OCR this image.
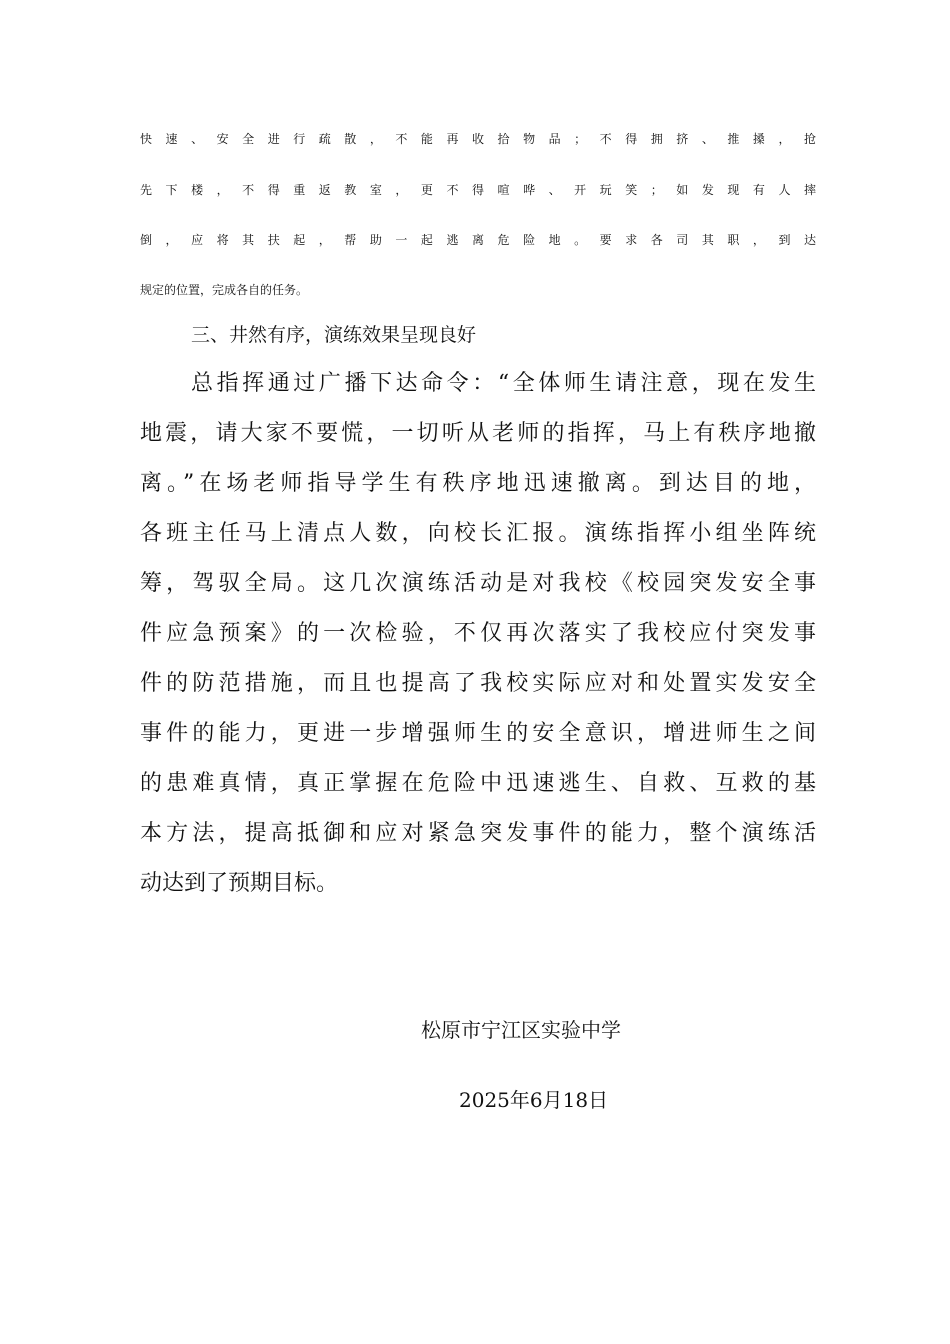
快速、安全进行疏散，不能再收拾物品；不得拥挤、推搡，抢
先下楼，不得重返教室，更不得喧哗、开玩笑；如发现有人摔
倒，应将其扶起，帮助一起逃离危险地。要求各司其职，到达
规定的位置，完成各自的任务。
三、井然有序，演练效果呈现良好
总指挥通过广播下达命令：“全体师生请注意，现在发生
地震，请大家不要慌，一切听从老师的指挥，马上有秩序地撤
离。”在场老师指导学生有秩序地迅速撤离。到达目的地，
各班主任马上清点人数，向校长汇报。演练指挥小组坐阵统
筹，驾驭全局。这几次演练活动是对我校《校园突发安全事
件应急预案》的一次检验，不仅再次落实了我校应付突发事
件的防范措施，而且也提高了我校实际应对和处置实发安全
事件的能力，更进一步增强师生的安全意识，增进师生之间
的患难真情，真正掌握在危险中迅速逃生、自救、互救的基
本方法，提高抵御和应对紧急突发事件的能力，整个演练活
动达到了预期目标。
松原市宁江区实验中学
2025年6月18日
